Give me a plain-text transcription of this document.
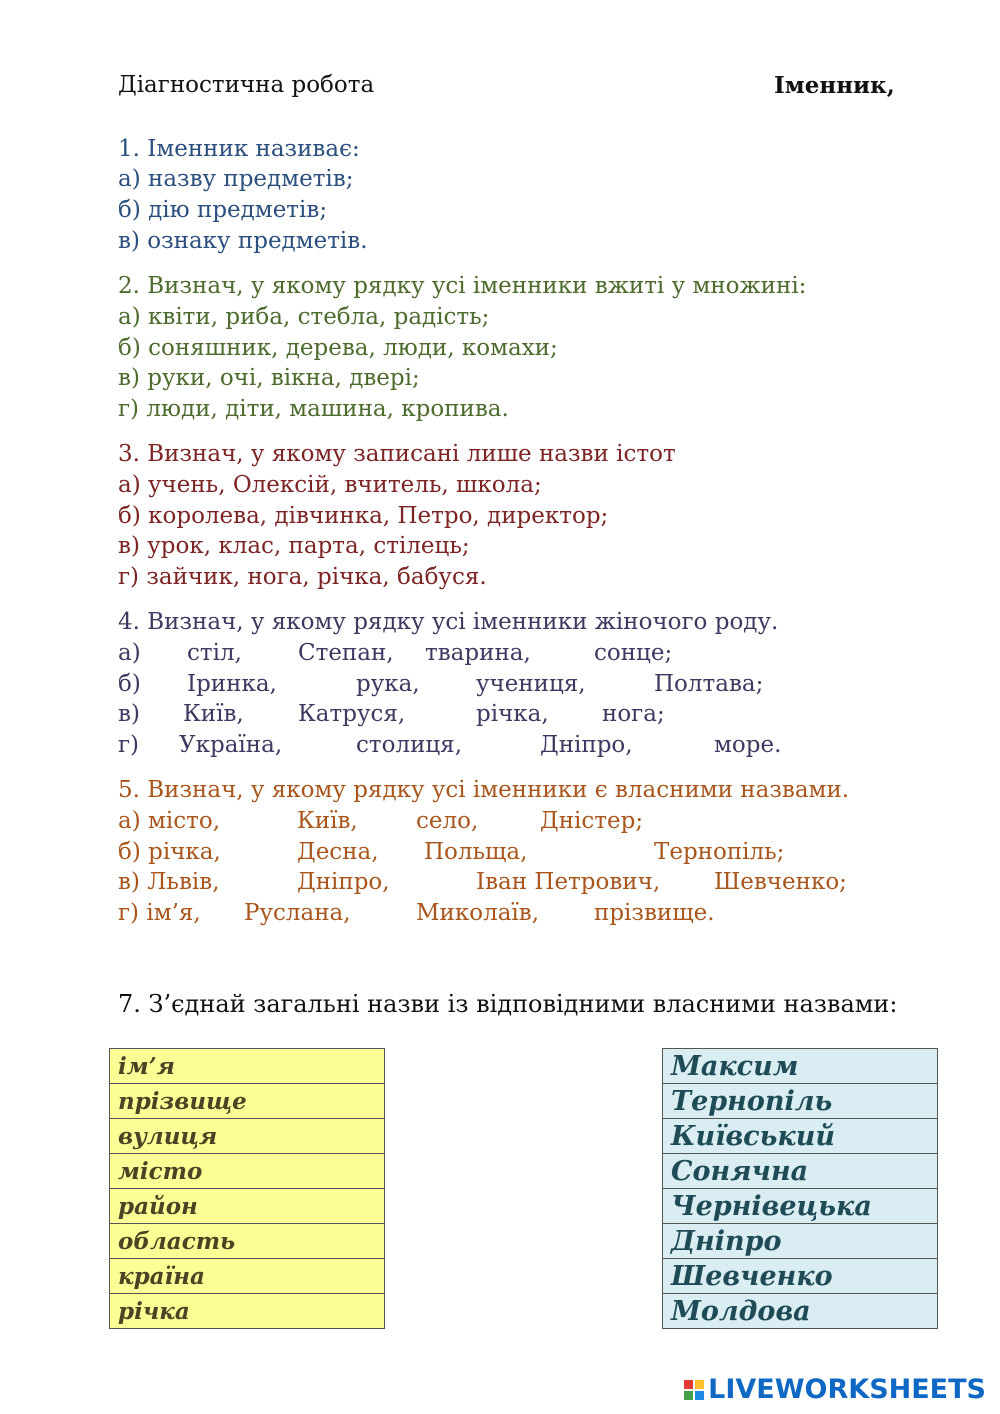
Діагностична робота	Іменник,
1. Іменник називає:
а) назву предметів;
б) дію предметів;
в) ознаку предметів.
2. Визнач, у якому рядку усі іменники вжиті у множині:
а) квіти, риба, стебла, радість;
б) соняшник, дерева, люди, комахи;
в) руки, очі, вікна, двері;
г) люди, діти, машина, кропива.
3. Визнач, у якому записані лише назви істот
а) учень, Олексій, вчитель, школа;
б) королева, дівчинка, Петро, директор;
в) урок, клас, парта, стілець;
г) зайчик, нога, річка, бабуся.
4. Визнач, у якому рядку усі іменники жіночого роду.
а) стіл, Степан, тварина,	сонце;
б) Іринка,	рука, учениця,	Полтава;
в) Київ, Катруся,	річка, нога;
г) Україна,	столиця,	Дніпро,	море.
5. Визнач, у якому рядку усі іменники є власними назвами.
а) місто,	Київ,	село,	Дністер;
б) річка,	Десна, Польща,	Тернопіль;
в) Львів,	Дніпро,	Іван Петрович, Шевченко;
г) ім’я, Руслана,	Миколаїв, прізвище.
7. З’єднай загальні назви із відповідними власними назвами:
ім’я
прізвище
вулиця
місто
район
область
країна
річка
Максим
Тернопіль
Київський
Сонячна
Чернівецька
Дніпро
Шевченко
Молдова
LIVEWORKSHEETS
